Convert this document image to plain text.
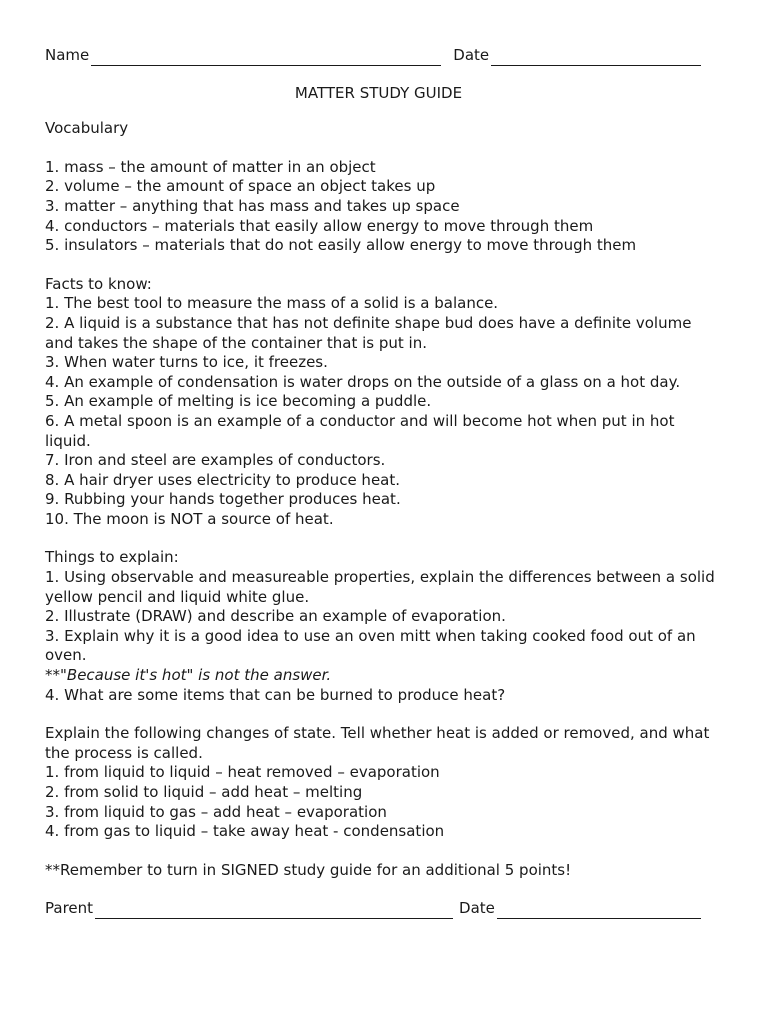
Name	Date
MATTER STUDY GUIDE
Vocabulary
1. mass – the amount of matter in an object
2. volume – the amount of space an object takes up
3. matter – anything that has mass and takes up space
4. conductors – materials that easily allow energy to move through them
5. insulators – materials that do not easily allow energy to move through them
Facts to know:
1. The best tool to measure the mass of a solid is a balance.
2. A liquid is a substance that has not definite shape bud does have a definite volume and takes the shape of the container that is put in.
3. When water turns to ice, it freezes.
4. An example of condensation is water drops on the outside of a glass on a hot day.
5. An example of melting is ice becoming a puddle.
6. A metal spoon is an example of a conductor and will become hot when put in hot liquid.
7. Iron and steel are examples of conductors.
8. A hair dryer uses electricity to produce heat.
9. Rubbing your hands together produces heat.
10. The moon is NOT a source of heat.
Things to explain:
1. Using observable and measureable properties, explain the differences between a solid yellow pencil and liquid white glue.
2. Illustrate (DRAW) and describe an example of evaporation.
3. Explain why it is a good idea to use an oven mitt when taking cooked food out of an oven.
**"Because it's hot" is not the answer.
4. What are some items that can be burned to produce heat?
Explain the following changes of state. Tell whether heat is added or removed, and what the process is called.
1. from liquid to liquid – heat removed – evaporation
2. from solid to liquid – add heat – melting
3. from liquid to gas – add heat – evaporation
4. from gas to liquid – take away heat - condensation
**Remember to turn in SIGNED study guide for an additional 5 points!
Parent	Date
